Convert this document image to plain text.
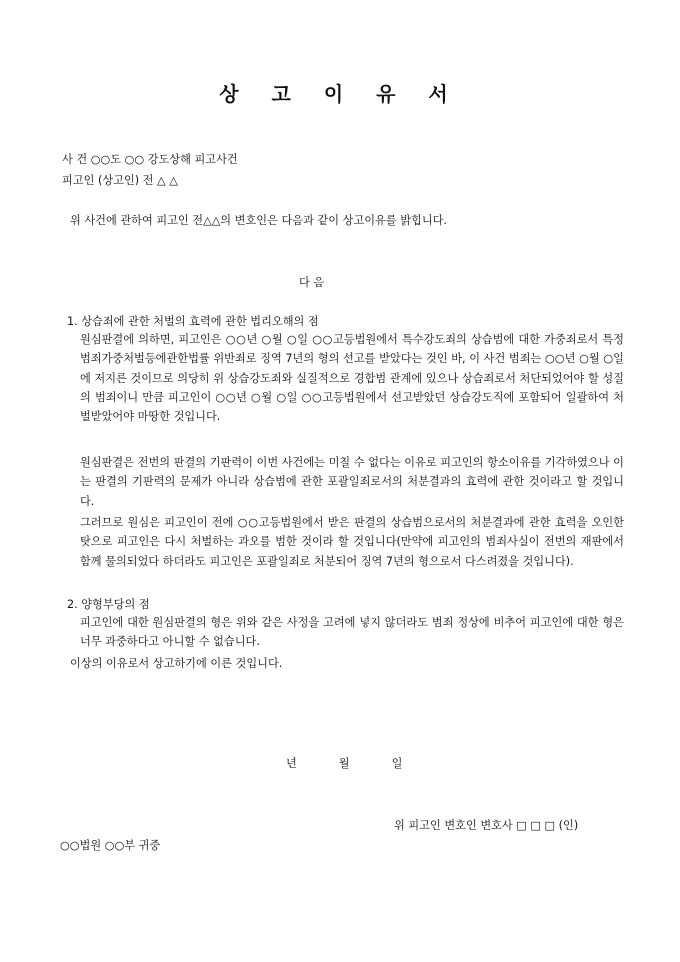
상 고 이 유 서
사 건 ○○도 ○○ 강도상해 피고사건
피고인 (상고인) 전 △ △
위 사건에 관하여 피고인 전△△의 변호인은 다음과 같이 상고이유를 밝힙니다.
다 음
1. 상습죄에 관한 처벌의 효력에 관한 법리오해의 점
원심판결에 의하면, 피고인은 ○○년 ○월 ○일 ○○고등법원에서 특수강도죄의 상습범에 대한 가중죄로서 특정범죄가중처벌등에관한법률 위반죄로 징역 7년의 형의 선고를 받았다는 것인 바, 이 사건 범죄는 ○○년 ○월 ○일에 저지른 것이므로 의당히 위 상습강도죄와 실질적으로 경합범 관계에 있으나 상습죄로서 처단되었어야 할 성질의 범죄이니 만큼 피고인이 ○○년 ○월 ○일 ○○고등법원에서 선고받았던 상습강도직에 포함되어 일괄하여 처벌받았어야 마땅한 것입니다.
원심판결은 전번의 판결의 기판력이 이번 사건에는 미칠 수 없다는 이유로 피고인의 항소이유를 기각하였으나 이는 판결의 기판력의 문제가 아니라 상습범에 관한 포괄일죄로서의 처분결과의 효력에 관한 것이라고 할 것입니다.
그러므로 원심은 피고인이 전에 ○○고등법원에서 받은 판결의 상습범으로서의 처분결과에 관한 효력을 오인한 탓으로 피고인은 다시 처벌하는 과오를 범한 것이라 할 것입니다(만약에 피고인의 범죄사실이 전번의 재판에서 함께 물의되었다 하더라도 피고인은 포괄일죄로 처분되어 징역 7년의 형으로서 다스려졌을 것입니다).
2. 양형부당의 점
피고인에 대한 원심판결의 형은 위와 같은 사정을 고려에 넣지 않더라도 범죄 정상에 비추어 피고인에 대한 형은 너무 과중하다고 아니할 수 없습니다.
이상의 이유로서 상고하기에 이른 것입니다.
년월일
위 피고인 변호인 변호사 □ □ □ (인)
○○법원 ○○부 귀중
